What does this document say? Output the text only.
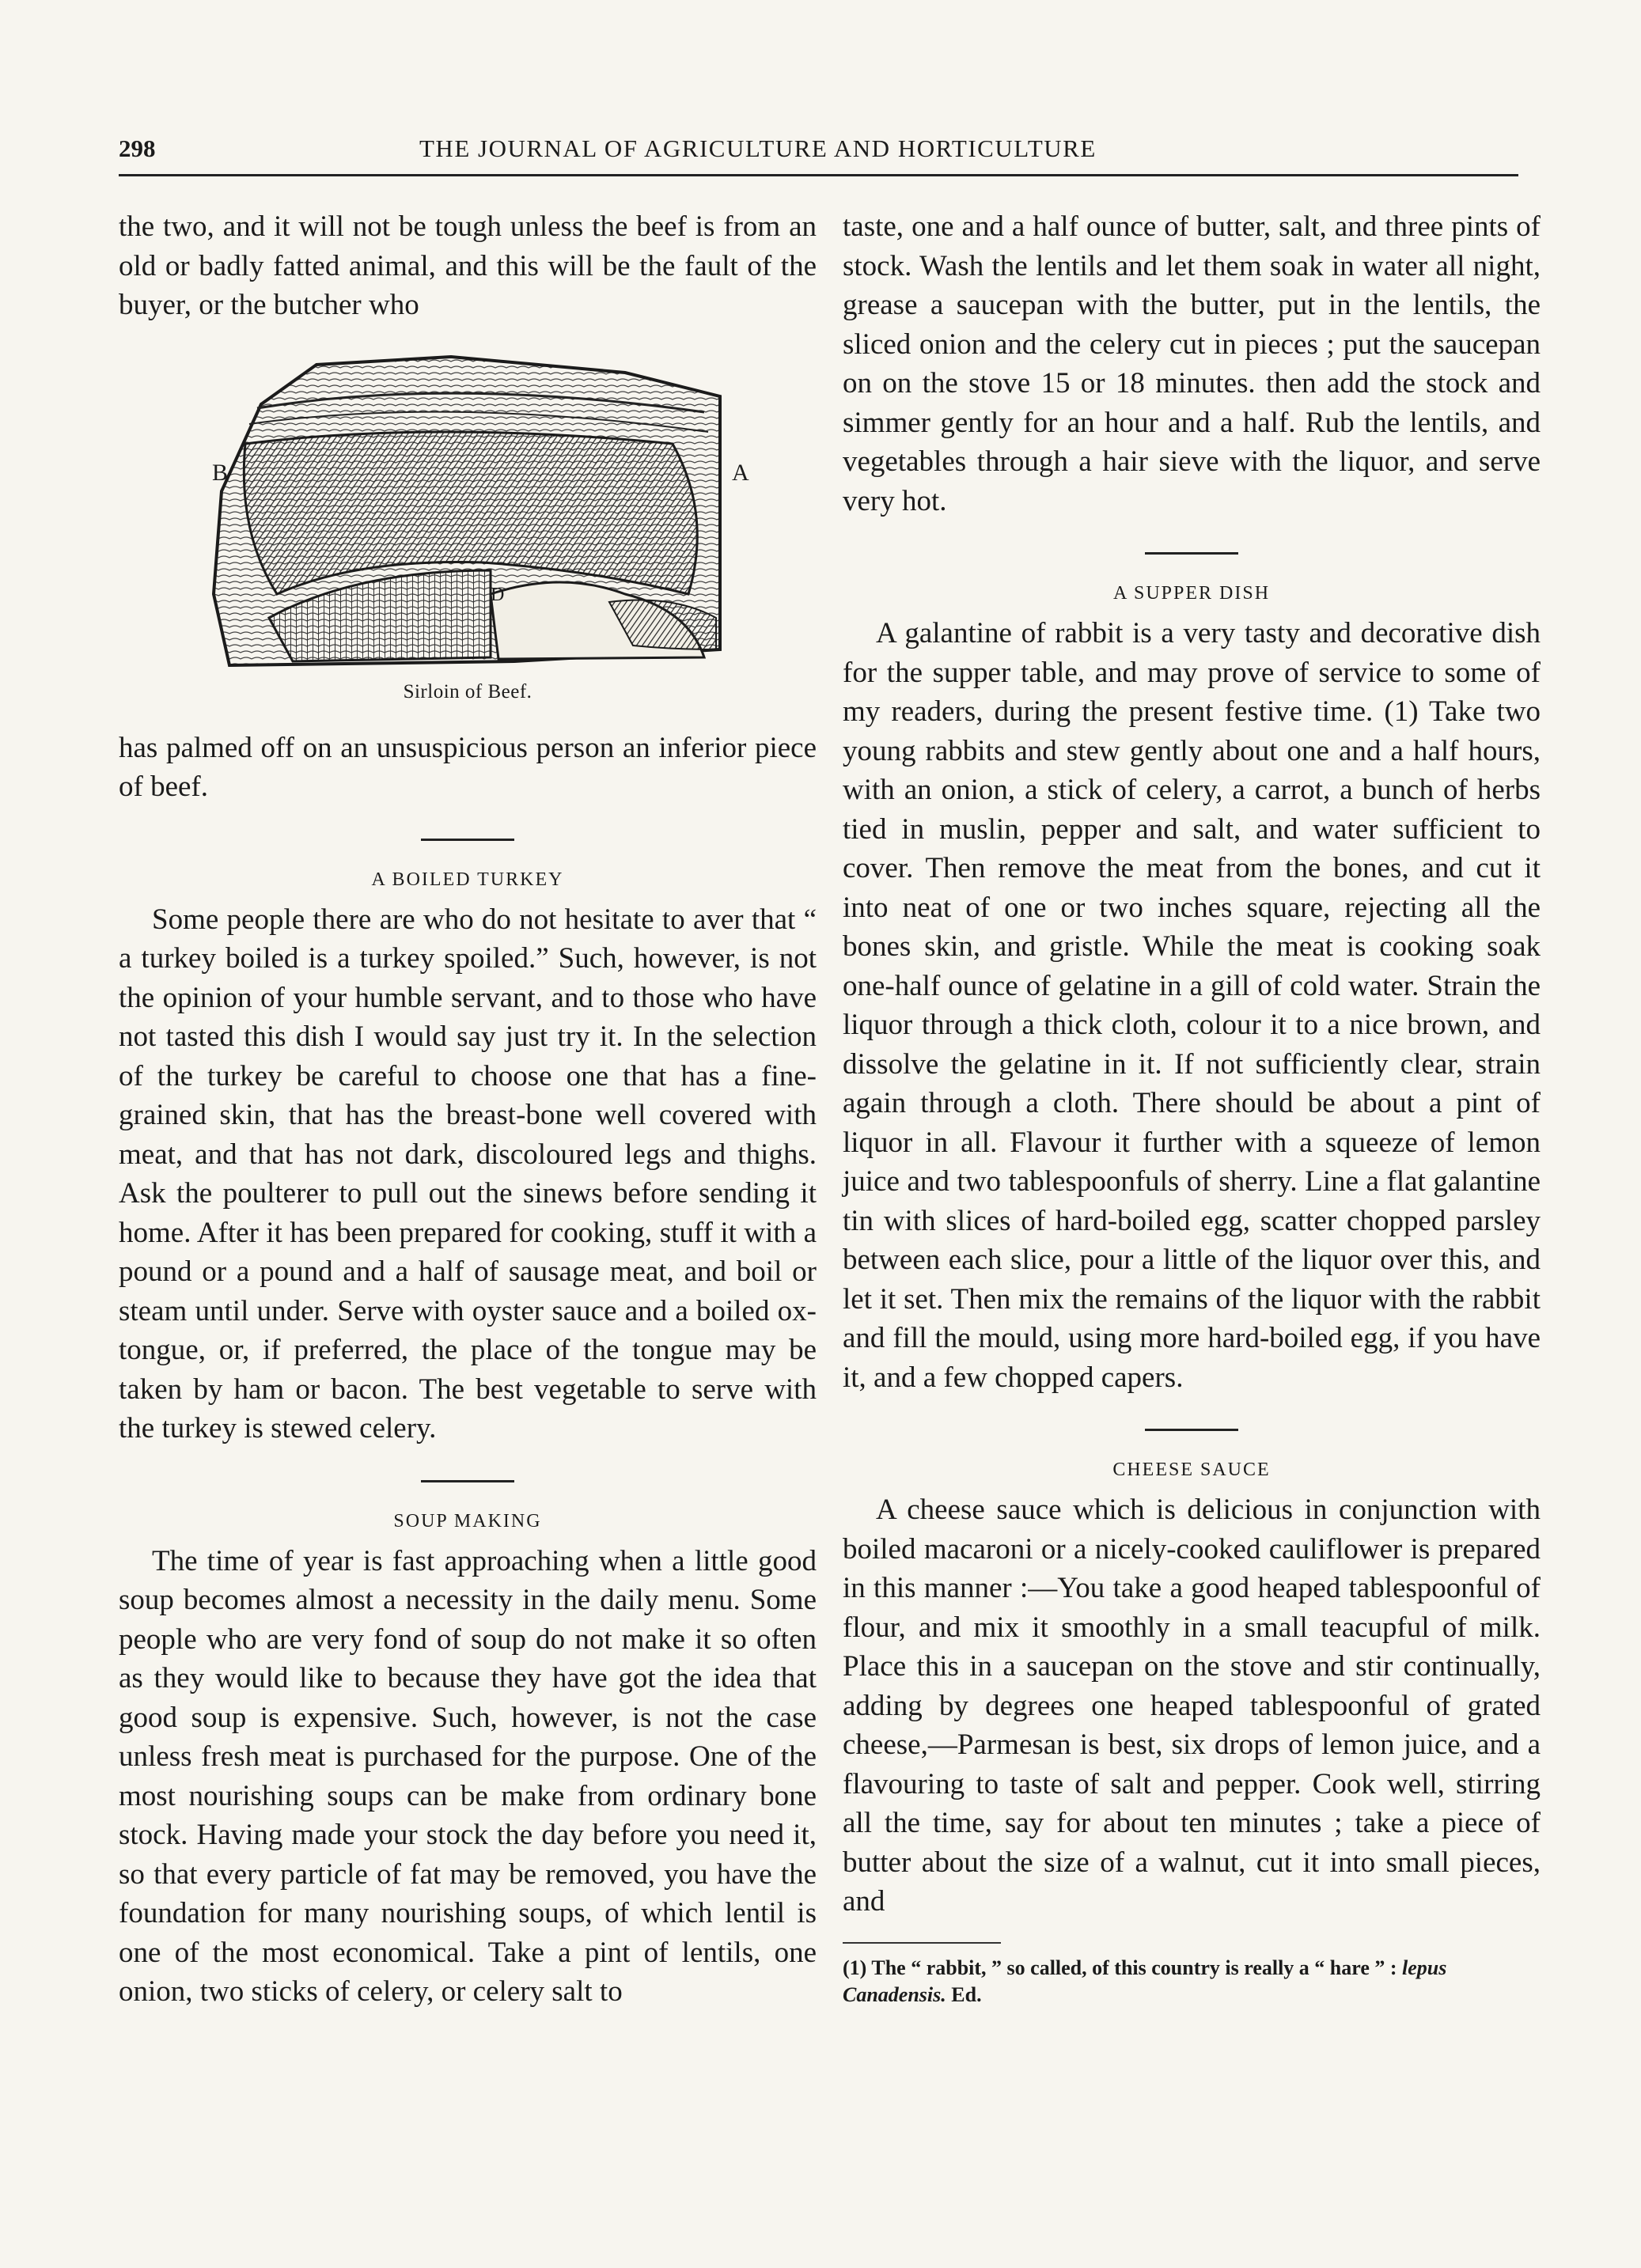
298	THE JOURNAL OF AGRICULTURE AND HORTICULTURE

the two, and it will not be tough unless the beef is from an old or badly fatted animal, and this will be the fault of the buyer, or the butcher who

B	A
D
Sirloin of Beef.

has palmed off on an unsuspicious person an inferior piece of beef.

A BOILED TURKEY

Some people there are who do not hesitate to aver that “ a turkey boiled is a turkey spoiled.” Such, however, is not the opinion of your humble servant, and to those who have not tasted this dish I would say just try it. In the selection of the turkey be careful to choose one that has a fine-grained skin, that has the breast-bone well covered with meat, and that has not dark, discoloured legs and thighs. Ask the poulterer to pull out the sinews before sending it home. After it has been prepared for cooking, stuff it with a pound or a pound and a half of sausage meat, and boil or steam until under. Serve with oyster sauce and a boiled ox-tongue, or, if preferred, the place of the tongue may be taken by ham or bacon. The best vegetable to serve with the turkey is stewed celery.

SOUP MAKING

The time of year is fast approaching when a little good soup becomes almost a necessity in the daily menu. Some people who are very fond of soup do not make it so often as they would like to because they have got the idea that good soup is expensive. Such, however, is not the case unless fresh meat is purchased for the purpose. One of the most nourishing soups can be make from ordinary bone stock. Having made your stock the day before you need it, so that every particle of fat may be removed, you have the foundation for many nourishing soups, of which lentil is one of the most economical. Take a pint of lentils, one onion, two sticks of celery, or celery salt to

taste, one and a half ounce of butter, salt, and three pints of stock. Wash the lentils and let them soak in water all night, grease a saucepan with the butter, put in the lentils, the sliced onion and the celery cut in pieces ; put the saucepan on on the stove 15 or 18 minutes. then add the stock and simmer gently for an hour and a half. Rub the lentils, and vegetables through a hair sieve with the liquor, and serve very hot.

A SUPPER DISH

A galantine of rabbit is a very tasty and decorative dish for the supper table, and may prove of service to some of my readers, during the present festive time. (1) Take two young rabbits and stew gently about one and a half hours, with an onion, a stick of celery, a carrot, a bunch of herbs tied in muslin, pepper and salt, and water sufficient to cover. Then remove the meat from the bones, and cut it into neat of one or two inches square, rejecting all the bones skin, and gristle. While the meat is cooking soak one-half ounce of gelatine in a gill of cold water. Strain the liquor through a thick cloth, colour it to a nice brown, and dissolve the gelatine in it. If not sufficiently clear, strain again through a cloth. There should be about a pint of liquor in all. Flavour it further with a squeeze of lemon juice and two tablespoonfuls of sherry. Line a flat galantine tin with slices of hard-boiled egg, scatter chopped parsley between each slice, pour a little of the liquor over this, and let it set. Then mix the remains of the liquor with the rabbit and fill the mould, using more hard-boiled egg, if you have it, and a few chopped capers.

CHEESE SAUCE

A cheese sauce which is delicious in conjunction with boiled macaroni or a nicely-cooked cauliflower is prepared in this manner :—You take a good heaped tablespoonful of flour, and mix it smoothly in a small teacupful of milk. Place this in a saucepan on the stove and stir continually, adding by degrees one heaped tablespoonful of grated cheese,—Parmesan is best, six drops of lemon juice, and a flavouring to taste of salt and pepper. Cook well, stirring all the time, say for about ten minutes ; take a piece of butter about the size of a walnut, cut it into small pieces, and

(1) The “ rabbit, ” so called, of this country is really a “ hare ” : lepus Canadensis. Ed.
